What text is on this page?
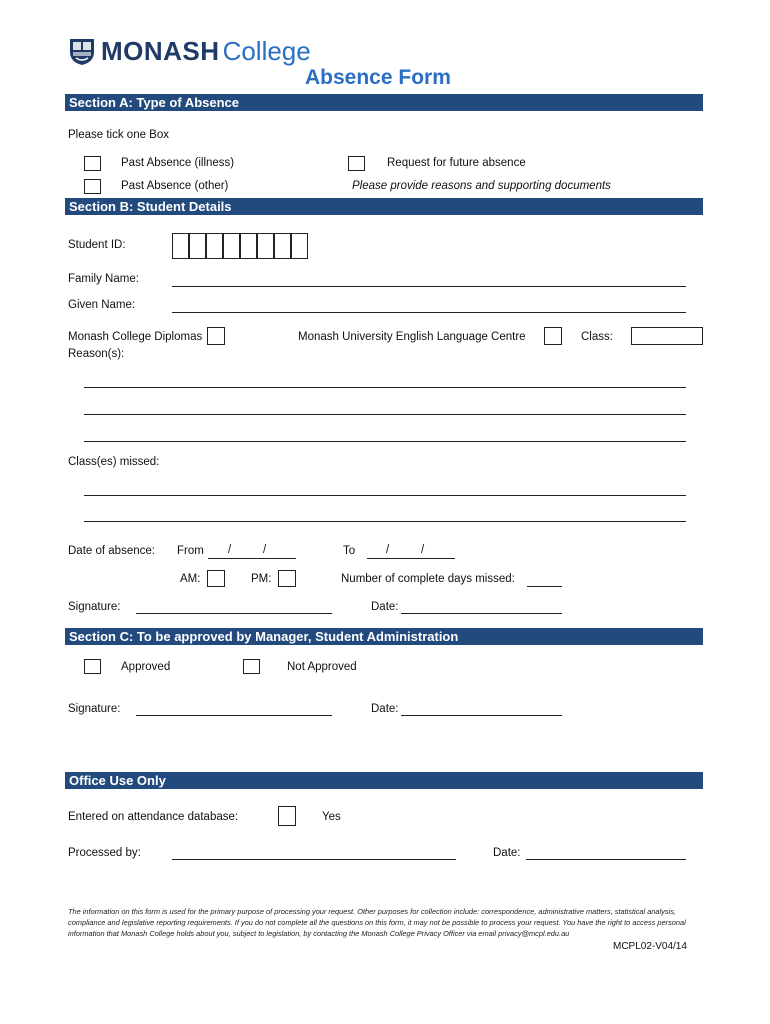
MONASH College
Absence Form
Section A: Type of Absence
Please tick one Box
Past Absence (illness)	Request for future absence
Past Absence (other)	Please provide reasons and supporting documents
Section B: Student Details
Student ID:
Family Name:
Given Name:
Monash College Diplomas	Monash University English Language Centre	Class:
Reason(s):
Class(es) missed:
Date of absence: From /	/	To	/	/
AM:	PM:	Number of complete days missed:
Signature:	Date:
Section C: To be approved by Manager, Student Administration
Approved	Not Approved
Signature:	Date:
Office Use Only
Entered on attendance database:	Yes
Processed by:	Date:
The information on this form is used for the primary purpose of processing your request. Other purposes for collection include: correspondence, administrative matters, statistical analysis,
compliance and legislative reporting requirements. If you do not complete all the questions on this form, it may not be possible to process your request. You have the right to access personal
information that Monash College holds about you, subject to legislation, by contacting the Monash College Privacy Officer via email privacy@mcpl.edu.au
MCPL02-V04/14
